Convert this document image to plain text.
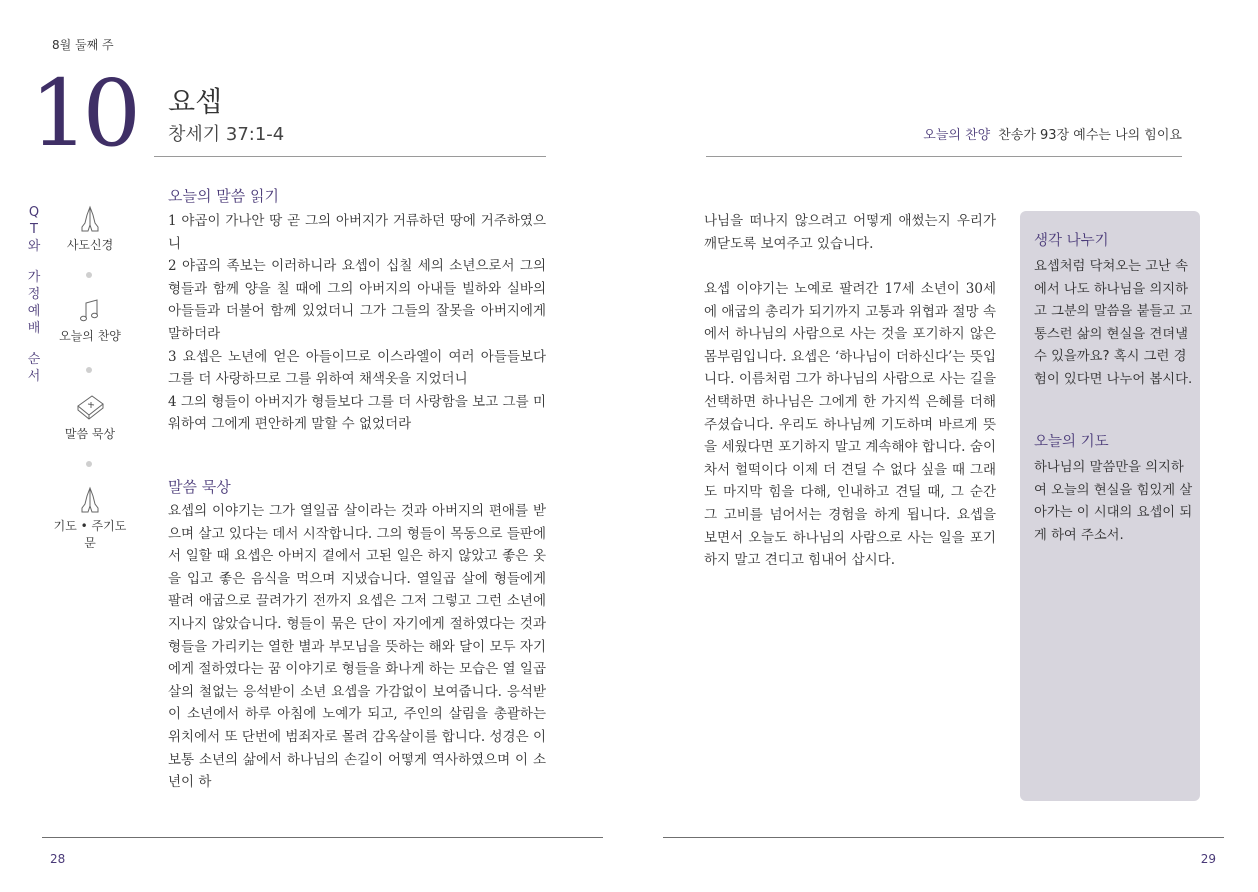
8월 둘째 주
10 요셉
창세기 37:1-4
Q
T
와
가
정
예
배
순
서
사도신경
오늘의 찬양
말씀 묵상
기도 • 주기도문
오늘의 말씀 읽기

1 야곱이 가나안 땅 곧 그의 아버지가 거류하던 땅에 거주하였으니

2 야곱의 족보는 이러하니라 요셉이 십칠 세의 소년으로서 그의 형들과 함께 양을 칠 때에 그의 아버지의 아내들 빌하와 실바의 아들들과 더불어 함께 있었더니 그가 그들의 잘못을 아버지에게 말하더라

3 요셉은 노년에 얻은 아들이므로 이스라엘이 여러 아들들보다 그를 더 사랑하므로 그를 위하여 채색옷을 지었더니

4 그의 형들이 아버지가 형들보다 그를 더 사랑함을 보고 그를 미워하여 그에게 편안하게 말할 수 없었더라

말씀 묵상
요셉의 이야기는 그가 열일곱 살이라는 것과 아버지의 편애를 받으며 살고 있다는 데서 시작합니다. 그의 형들이 목동으로 들판에서 일할 때 요셉은 아버지 곁에서 고된 일은 하지 않았고 좋은 옷을 입고 좋은 음식을 먹으며 지냈습니다. 열일곱 살에 형들에게 팔려 애굽으로 끌려가기 전까지 요셉은 그저 그렇고 그런 소년에 지나지 않았습니다. 형들이 묶은 단이 자기에게 절하였다는 것과 형들을 가리키는 열한 별과 부모님을 뜻하는 해와 달이 모두 자기에게 절하였다는 꿈 이야기로 형들을 화나게 하는 모습은 열 일곱살의 철없는 응석받이 소년 요셉을 가감없이 보여줍니다. 응석받이 소년에서 하루 아침에 노예가 되고, 주인의 살림을 총괄하는 위치에서 또 단번에 범죄자로 몰려 감옥살이를 합니다. 성경은 이 보통 소년의 삶에서 하나님의 손길이 어떻게 역사하였으며 이 소년이 하
28
오늘의 찬양 찬송가 93장 예수는 나의 힘이요
나님을 떠나지 않으려고 어떻게 애썼는지 우리가 깨닫도록 보여주고 있습니다.
요셉 이야기는 노예로 팔려간 17세 소년이 30세에 애굽의 총리가 되기까지 고통과 위협과 절망 속에서 하나님의 사람으로 사는 것을 포기하지 않은 몸부림입니다. 요셉은 ‘하나님이 더하신다’는 뜻입니다. 이름처럼 그가 하나님의 사람으로 사는 길을 선택하면 하나님은 그에게 한 가지씩 은혜를 더해 주셨습니다. 우리도 하나님께 기도하며 바르게 뜻을 세웠다면 포기하지 말고 계속해야 합니다. 숨이 차서 헐떡이다 이제 더 견딜 수 없다 싶을 때 그래도 마지막 힘을 다해, 인내하고 견딜 때, 그 순간 그 고비를 넘어서는 경험을 하게 됩니다. 요셉을 보면서 오늘도 하나님의 사람으로 사는 일을 포기하지 말고 견디고 힘내어 삽시다.
생각 나누기
요셉처럼 닥쳐오는 고난 속에서 나도 하나님을 의지하고 그분의 말씀을 붙들고 고통스런 삶의 현실을 견뎌낼 수 있을까요? 혹시 그런 경험이 있다면 나누어 봅시다.
오늘의 기도
하나님의 말씀만을 의지하여 오늘의 현실을 힘있게 살아가는 이 시대의 요셉이 되게 하여 주소서.
29
